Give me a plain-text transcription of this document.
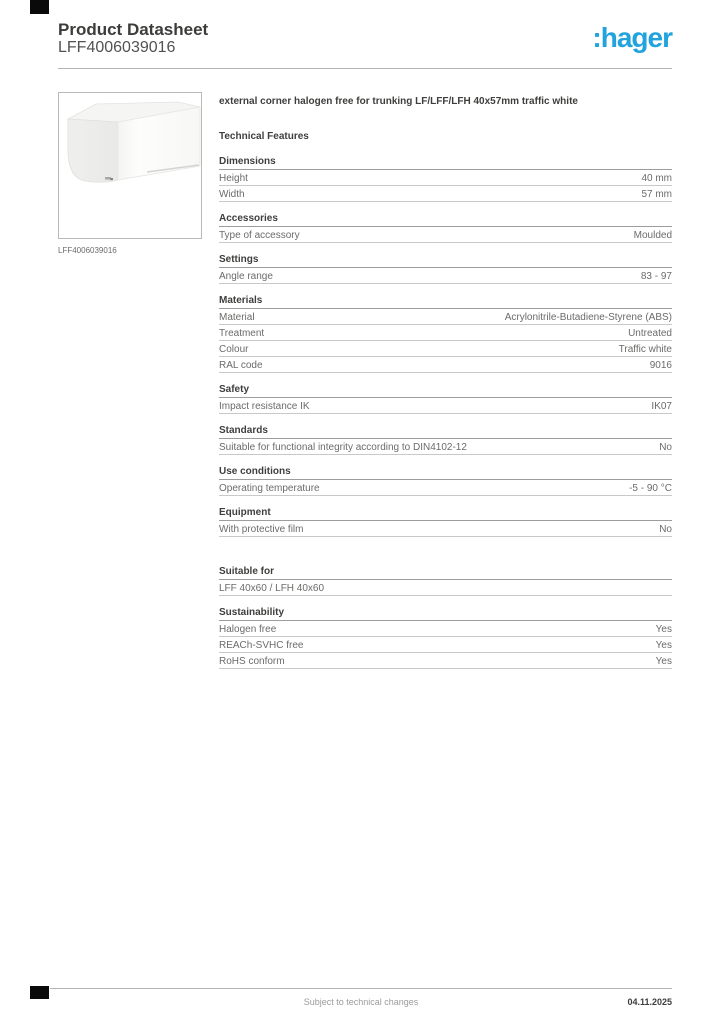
Product Datasheet
LFF4006039016	:hager
LFF4006039016

external corner halogen free for trunking LF/LFF/LFH 40x57mm traffic white

Technical Features
Dimensions
Height	40 mm
Width	57 mm
Accessories
Type of accessory	Moulded
Settings
Angle range	83 - 97
Materials
Material	Acrylonitrile-Butadiene-Styrene (ABS)
Treatment	Untreated
Colour	Traffic white
RAL code	9016
Safety
Impact resistance IK	IK07
Standards
Suitable for functional integrity according to DIN4102-12	No
Use conditions
Operating temperature	-5 - 90 °C
Equipment
With protective film	No
Suitable for
LFF 40x60 / LFH 40x60
Sustainability
Halogen free	Yes
REACh-SVHC free	Yes
RoHS conform	Yes
Subject to technical changes	04.11.2025
